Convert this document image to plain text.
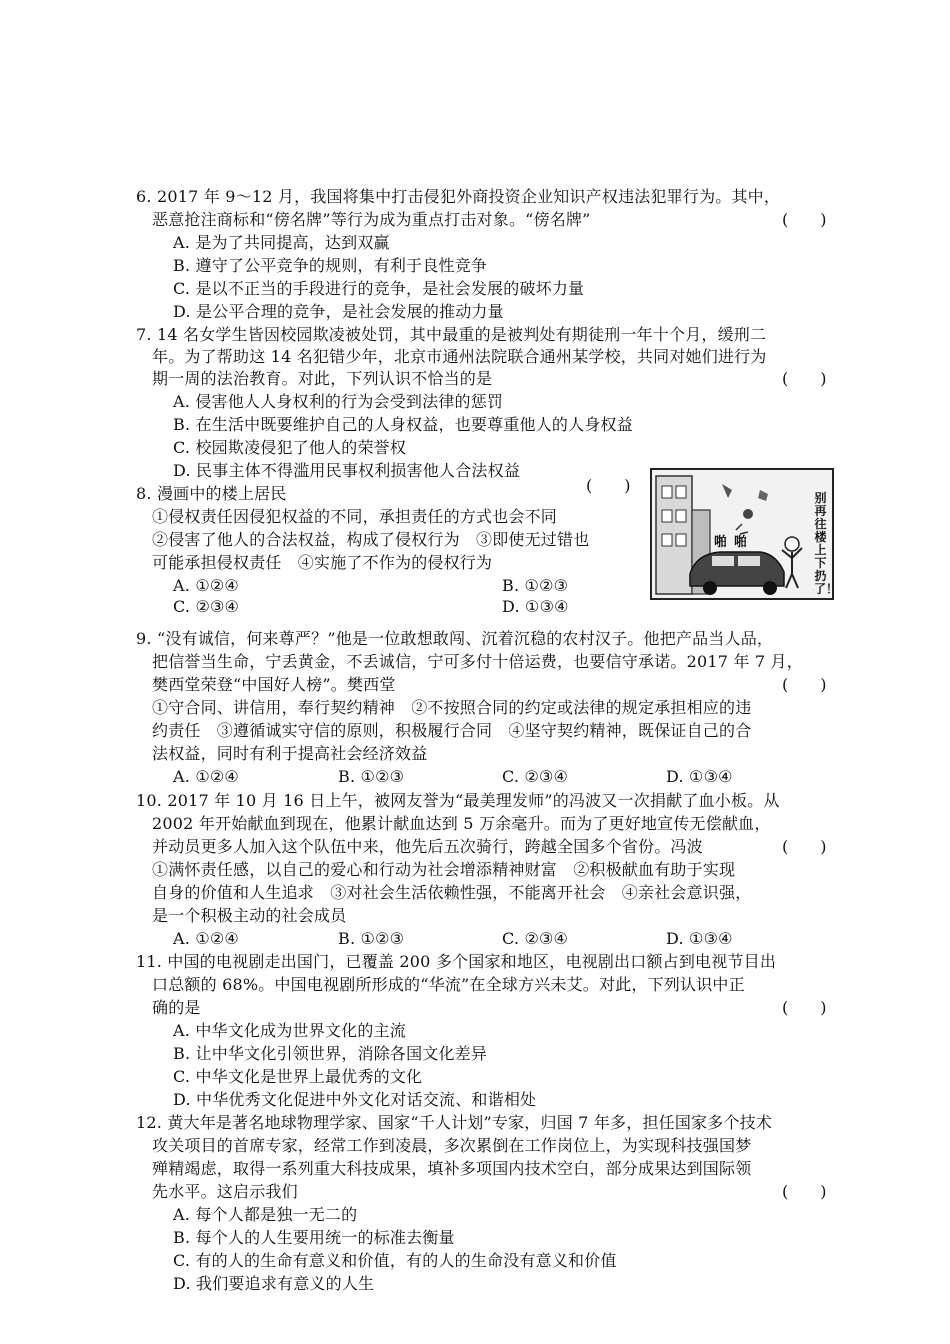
6. 2017 年 9～12 月，我国将集中打击侵犯外商投资企业知识产权违法犯罪行为。其中，
恶意抢注商标和“傍名牌”等行为成为重点打击对象。“傍名牌”	(　　)
A. 是为了共同提高，达到双赢
B. 遵守了公平竞争的规则，有利于良性竞争
C. 是以不正当的手段进行的竞争，是社会发展的破坏力量
D. 是公平合理的竞争，是社会发展的推动力量
7. 14 名女学生皆因校园欺凌被处罚，其中最重的是被判处有期徒刑一年十个月，缓刑二
年。为了帮助这 14 名犯错少年，北京市通州法院联合通州某学校，共同对她们进行为
期一周的法治教育。对此，下列认识不恰当的是	(　　)
A. 侵害他人人身权利的行为会受到法律的惩罚
B. 在生活中既要维护自己的人身权益，也要尊重他人的人身权益
C. 校园欺凌侵犯了他人的荣誉权
D. 民事主体不得滥用民事权利损害他人合法权益
8. 漫画中的楼上居民	(　　)
①侵权责任因侵犯权益的不同，承担责任的方式也会不同
②侵害了他人的合法权益，构成了侵权行为　③即使无过错也
可能承担侵权责任　④实施了不作为的侵权行为
A. ①②④	B. ①②③
C. ②③④	D. ①③④
啪 啪
别再往楼上下扔了！
9. “没有诚信，何来尊严？”他是一位敢想敢闯、沉着沉稳的农村汉子。他把产品当人品，
把信誉当生命，宁丢黄金，不丢诚信，宁可多付十倍运费，也要信守承诺。2017 年 7 月，
樊西堂荣登“中国好人榜”。樊西堂	(　　)
①守合同、讲信用，奉行契约精神　②不按照合同的约定或法律的规定承担相应的违
约责任　③遵循诚实守信的原则，积极履行合同　④坚守契约精神，既保证自己的合
法权益，同时有利于提高社会经济效益
A. ①②④	B. ①②③	C. ②③④	D. ①③④
10. 2017 年 10 月 16 日上午，被网友誉为“最美理发师”的冯波又一次捐献了血小板。从
2002 年开始献血到现在，他累计献血达到 5 万余毫升。而为了更好地宣传无偿献血，
并动员更多人加入这个队伍中来，他先后五次骑行，跨越全国多个省份。冯波	(　　)
①满怀责任感，以自己的爱心和行动为社会增添精神财富　②积极献血有助于实现
自身的价值和人生追求　③对社会生活依赖性强，不能离开社会　④亲社会意识强，
是一个积极主动的社会成员
A. ①②④	B. ①②③	C. ②③④	D. ①③④
11. 中国的电视剧走出国门，已覆盖 200 多个国家和地区，电视剧出口额占到电视节目出
口总额的 68%。中国电视剧所形成的“华流”在全球方兴未艾。对此，下列认识中正
确的是	(　　)
A. 中华文化成为世界文化的主流
B. 让中华文化引领世界，消除各国文化差异
C. 中华文化是世界上最优秀的文化
D. 中华优秀文化促进中外文化对话交流、和谐相处
12. 黄大年是著名地球物理学家、国家“千人计划”专家，归国 7 年多，担任国家多个技术
攻关项目的首席专家，经常工作到凌晨，多次累倒在工作岗位上，为实现科技强国梦
殚精竭虑，取得一系列重大科技成果，填补多项国内技术空白，部分成果达到国际领
先水平。这启示我们	(　　)
A. 每个人都是独一无二的
B. 每个人的人生要用统一的标准去衡量
C. 有的人的生命有意义和价值，有的人的生命没有意义和价值
D. 我们要追求有意义的人生
